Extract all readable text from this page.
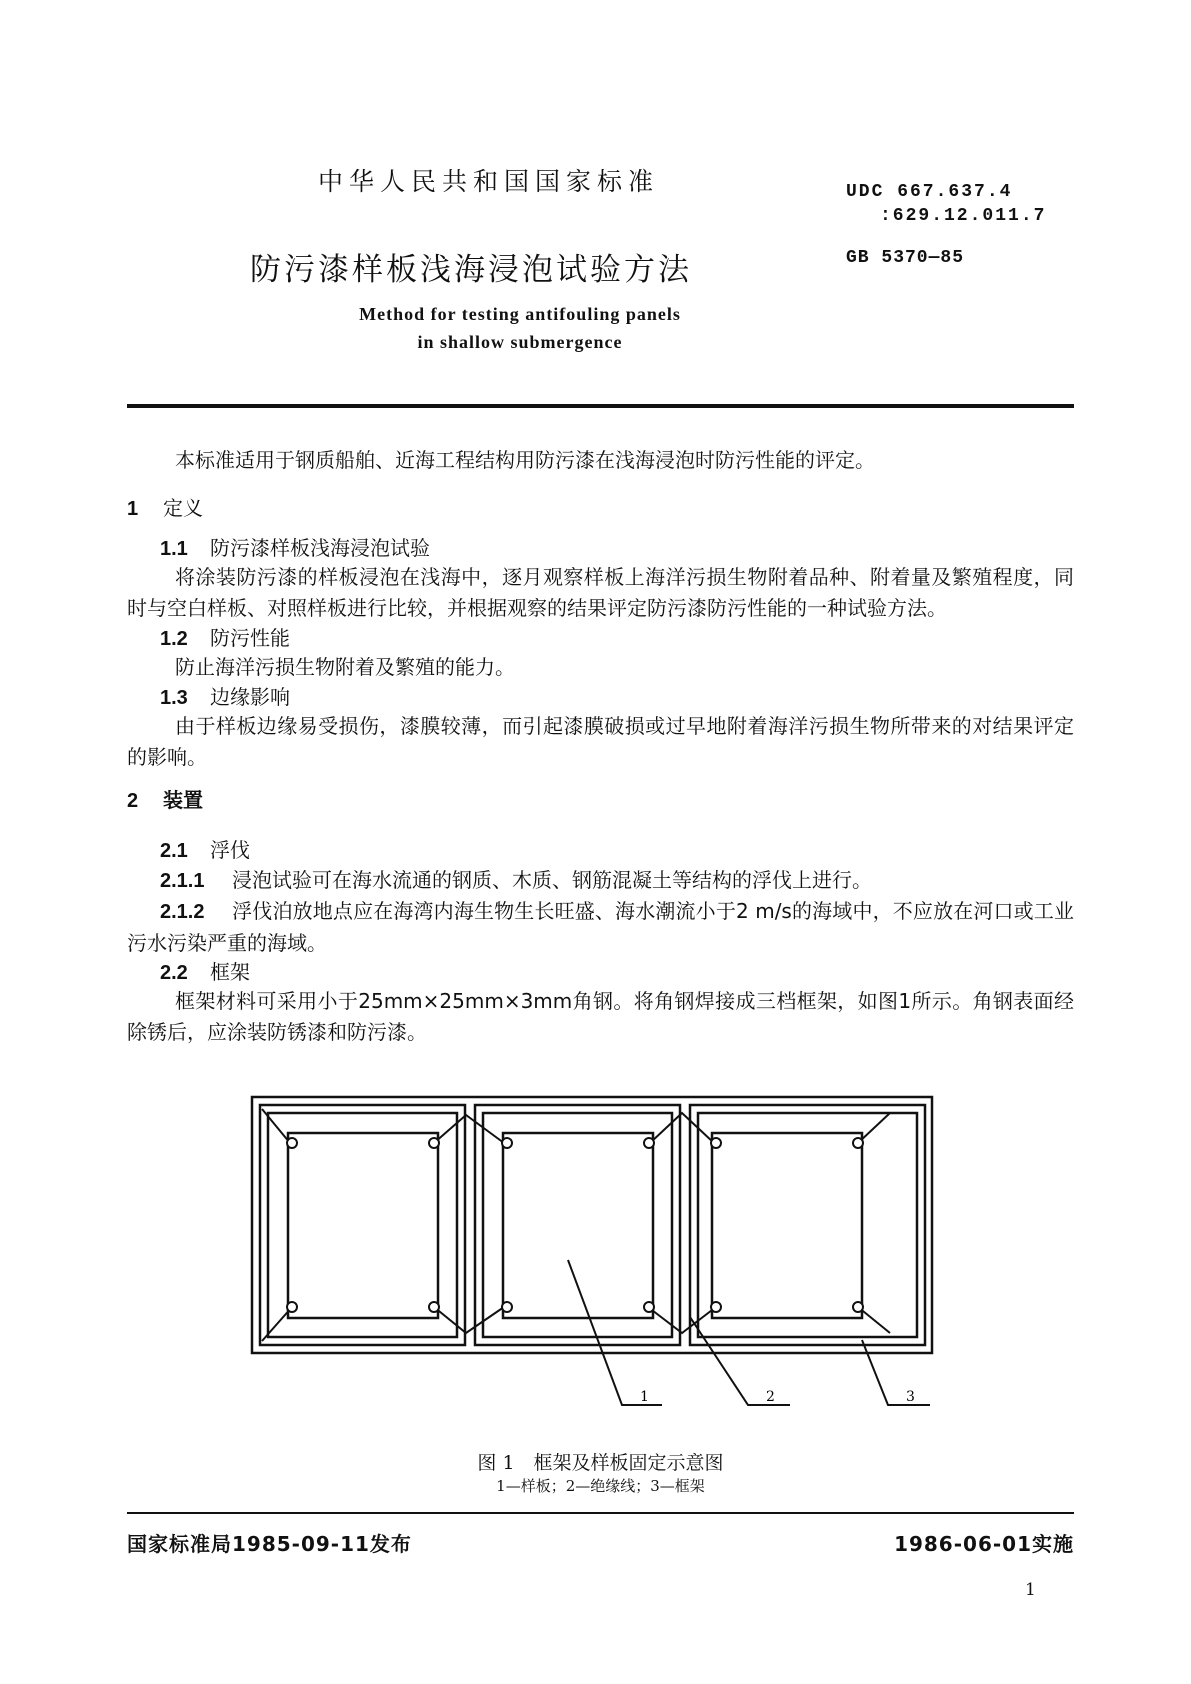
中华人民共和国国家标准	UDC 667.637.4
:629.12.011.7
防污漆样板浅海浸泡试验方法	GB 5370—85
Method for testing antifouling panels
in shallow submergence
本标准适用于钢质船舶、近海工程结构用防污漆在浅海浸泡时防污性能的评定。
1 定义
1.1 防污漆样板浅海浸泡试验
将涂装防污漆的样板浸泡在浅海中，逐月观察样板上海洋污损生物附着品种、附着量及繁殖程度，同时与空白样板、对照样板进行比较，并根据观察的结果评定防污漆防污性能的一种试验方法。
1.2 防污性能
防止海洋污损生物附着及繁殖的能力。
1.3 边缘影响
由于样板边缘易受损伤，漆膜较薄，而引起漆膜破损或过早地附着海洋污损生物所带来的对结果评定的影响。
2 装置
2.1 浮伐
2.1.1 浸泡试验可在海水流通的钢质、木质、钢筋混凝土等结构的浮伐上进行。
2.1.2 浮伐泊放地点应在海湾内海生物生长旺盛、海水潮流小于2 m/s的海域中，不应放在河口或工业污水污染严重的海域。
2.2 框架
框架材料可采用小于25mm×25mm×3mm角钢。将角钢焊接成三档框架，如图1所示。角钢表面经除锈后，应涂装防锈漆和防污漆。
1	2	3
图 1　框架及样板固定示意图
1—样板；2—绝缘线；3—框架
国家标准局1985-09-11发布	1986-06-01实施
1
